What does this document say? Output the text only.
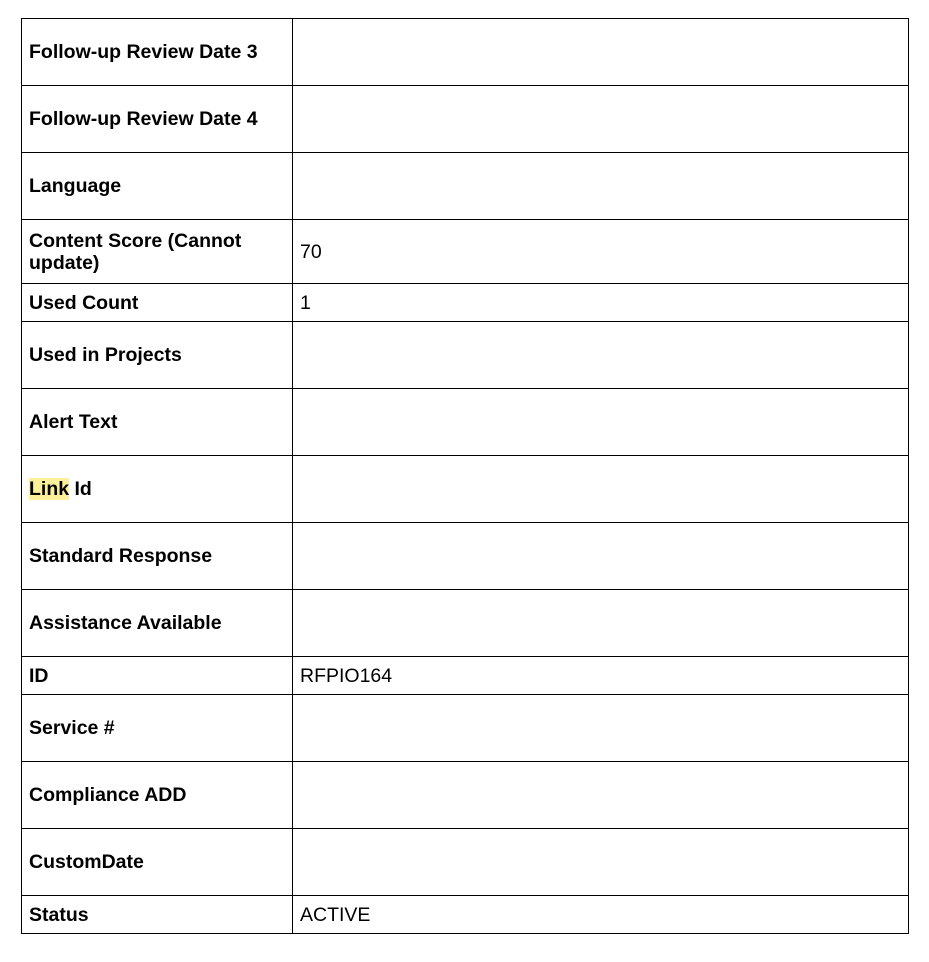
Follow-up Review Date 3	
Follow-up Review Date 4	
Language	
Content Score (Cannot update)	70
Used Count	1
Used in Projects	
Alert Text	
Link Id	
Standard Response	
Assistance Available	
ID	RFPIO164
Service #	
Compliance ADD	
CustomDate	
Status	ACTIVE
